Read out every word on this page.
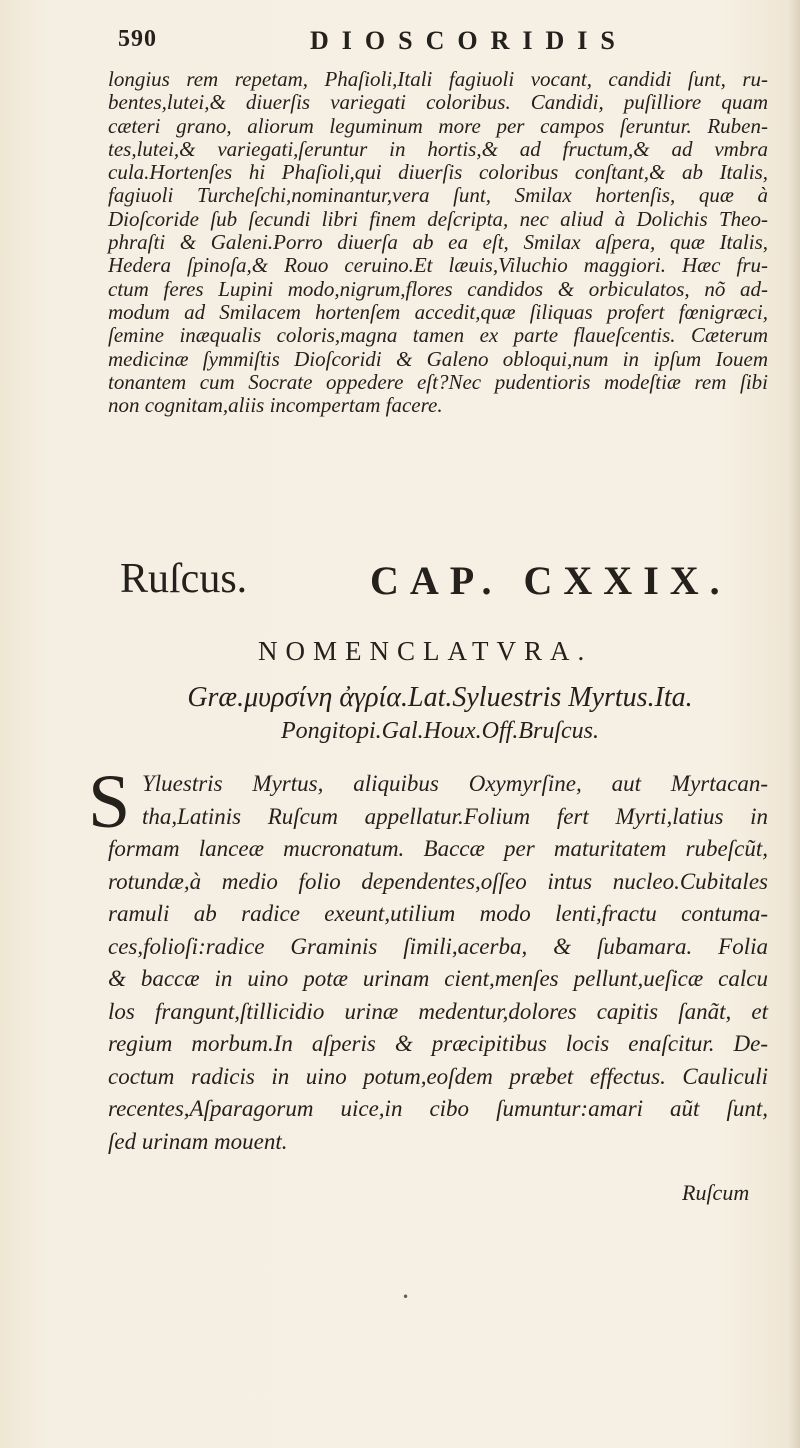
590	DIOSCORIDIS
longius rem repetam, Phaſioli,Itali fagiuoli vocant, candidi ſunt, ru-
bentes,lutei,& diuerſis variegati coloribus. Candidi, puſilliore quam
cæteri grano, aliorum leguminum more per campos ſeruntur. Ruben-
tes,lutei,& variegati,ſeruntur in hortis,& ad fructum,& ad vmbra
cula.Hortenſes hi Phaſioli,qui diuerſis coloribus conſtant,& ab Italis,
fagiuoli Turcheſchi,nominantur,vera ſunt, Smilax hortenſis, quæ à
Dioſcoride ſub ſecundi libri finem deſcripta, nec aliud à Dolichis Theo-
phraſti & Galeni.Porro diuerſa ab ea eſt, Smilax aſpera, quæ Italis,
Hedera ſpinoſa,& Rouo ceruino.Et læuis,Viluchio maggiori. Hæc fru-
ctum feres Lupini modo,nigrum,flores candidos & orbiculatos, nõ ad-
modum ad Smilacem hortenſem accedit,quæ ſiliquas profert fœnigræci,
ſemine inæqualis coloris,magna tamen ex parte flaueſcentis. Cæterum
medicinæ ſymmiſtis Dioſcoridi & Galeno obloqui,num in ipſum Iouem
tonantem cum Socrate oppedere eſt?Nec pudentioris modeſtiæ rem ſibi
non cognitam,aliis incompertam facere.
Ruſcus.	CAP. CXXIX.
NOMENCLATVRA.
Græ.μυρσίνη ἀγρία.Lat.Syluestris Myrtus.Ita.
Pongitopi.Gal.Houx.Off.Bruſcus.
S Yluestris Myrtus, aliquibus Oxymyrſine, aut Myrtacan-
tha,Latinis Ruſcum appellatur.Folium fert Myrti,latius in
formam lanceæ mucronatum. Baccæ per maturitatem rubeſcũt,
rotundæ,à medio folio dependentes,oſſeo intus nucleo.Cubitales
ramuli ab radice exeunt,utilium modo lenti,fractu contuma-
ces,folioſi:radice Graminis ſimili,acerba, & ſubamara. Folia
& baccæ in uino potæ urinam cient,menſes pellunt,ueſicæ calcu
los frangunt,ſtillicidio urinæ medentur,dolores capitis ſanãt, et
regium morbum.In aſperis & præcipitibus locis enaſcitur. De-
coctum radicis in uino potum,eoſdem præbet effectus. Cauliculi
recentes,Aſparagorum uice,in cibo ſumuntur:amari aũt ſunt,
ſed urinam mouent.
Ruſcum
•
